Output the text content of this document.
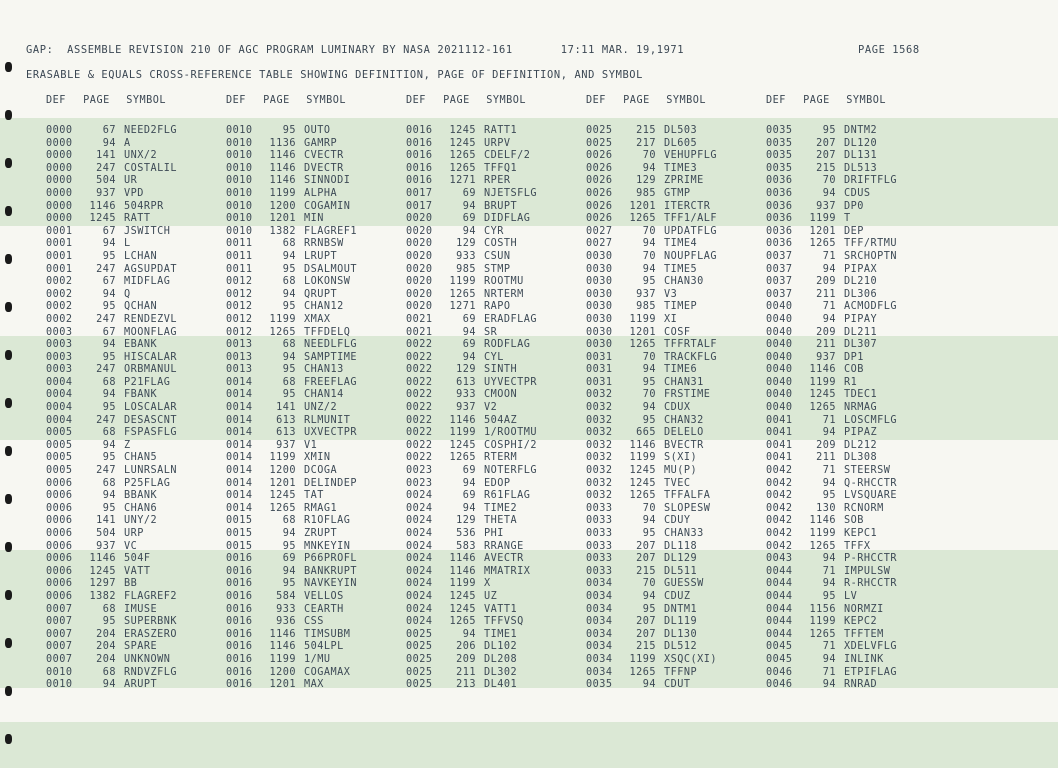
GAP:  ASSEMBLE REVISION 210 OF AGC PROGRAM LUMINARY BY NASA 2021112-161       17:11 MAR. 19,1971	PAGE 1568
ERASABLE & EQUALS CROSS-REFERENCE TABLE SHOWING DEFINITION, PAGE OF DEFINITION, AND SYMBOL
DEF	PAGE	SYMBOL
0000	67 NEED2FLG
0000	94 A
0000	141 UNX/2
0000	247 COSTALIL
0000	504 UR
0000	937 VPD
0000	1146 504RPR
0000	1245 RATT
0001	67 JSWITCH
0001	94 L
0001	95 LCHAN
0001	247 AGSUPDAT
0002	67 MIDFLAG
0002	94 Q
0002	95 QCHAN
0002	247 RENDEZVL
0003	67 MOONFLAG
0003	94 EBANK
0003	95 HISCALAR
0003	247 ORBMANUL
0004	68 P21FLAG
0004	94 FBANK
0004	95 LOSCALAR
0004	247 DESASCNT
0005	68 FSPASFLG
0005	94 Z
0005	95 CHAN5
0005	247 LUNRSALN
0006	68 P25FLAG
0006	94 BBANK
0006	95 CHAN6
0006	141 UNY/2
0006	504 URP
0006	937 VC
0006	1146 504F
0006	1245 VATT
0006	1297 BB
0006	1382 FLAGREF2
0007	68 IMUSE
0007	95 SUPERBNK
0007	204 ERASZERO
0007	204 SPARE
0007	204 UNKNOWN
0010	68 RNDVZFLG
0010	94 ARUPT
DEF	PAGE	SYMBOL
0010	95 OUTO
0010	1136 GAMRP
0010	1146 CVECTR
0010	1146 DVECTR
0010	1146 SINNODI
0010	1199 ALPHA
0010	1200 COGAMIN
0010	1201 MIN
0010	1382 FLAGREF1
0011	68 RRNBSW
0011	94 LRUPT
0011	95 DSALMOUT
0012	68 LOKONSW
0012	94 QRUPT
0012	95 CHAN12
0012	1199 XMAX
0012	1265 TFFDELQ
0013	68 NEEDLFLG
0013	94 SAMPTIME
0013	95 CHAN13
0014	68 FREEFLAG
0014	95 CHAN14
0014	141 UNZ/2
0014	613 RLMUNIT
0014	613 UXVECTPR
0014	937 V1
0014	1199 XMIN
0014	1200 DCOGA
0014	1201 DELINDEP
0014	1245 TAT
0014	1265 RMAG1
0015	68 R1OFLAG
0015	94 ZRUPT
0015	95 MNKEYIN
0016	69 P66PROFL
0016	94 BANKRUPT
0016	95 NAVKEYIN
0016	584 VELLOS
0016	933 CEARTH
0016	936 CSS
0016	1146 TIMSUBM
0016	1146 504LPL
0016	1199 1/MU
0016	1200 COGAMAX
0016	1201 MAX
DEF	PAGE	SYMBOL
0016	1245 RATT1
0016	1245 URPV
0016	1265 CDELF/2
0016	1265 TFFQ1
0016	1271 RPER
0017	69 NJETSFLG
0017	94 BRUPT
0020	69 DIDFLAG
0020	94 CYR
0020	129 COSTH
0020	933 CSUN
0020	985 STMP
0020	1199 ROOTMU
0020	1265 NRTERM
0020	1271 RAPO
0021	69 ERADFLAG
0021	94 SR
0022	69 RODFLAG
0022	94 CYL
0022	129 SINTH
0022	613 UYVECTPR
0022	933 CMOON
0022	937 V2
0022	1146 504AZ
0022	1199 1/ROOTMU
0022	1245 COSPHI/2
0022	1265 RTERM
0023	69 NOTERFLG
0023	94 EDOP
0024	69 R61FLAG
0024	94 TIME2
0024	129 THETA
0024	536 PHI
0024	583 RRANGE
0024	1146 AVECTR
0024	1146 MMATRIX
0024	1199 X
0024	1245 UZ
0024	1245 VATT1
0024	1265 TFFVSQ
0025	94 TIME1
0025	206 DL102
0025	209 DL208
0025	211 DL302
0025	213 DL401
DEF	PAGE	SYMBOL
0025	215 DL503
0025	217 DL605
0026	70 VEHUPFLG
0026	94 TIME3
0026	129 ZPRIME
0026	985 GTMP
0026	1201 ITERCTR
0026	1265 TFF1/ALF
0027	70 UPDATFLG
0027	94 TIME4
0030	70 NOUPFLAG
0030	94 TIME5
0030	95 CHAN30
0030	937 V3
0030	985 TIMEP
0030	1199 XI
0030	1201 COSF
0030	1265 TFFRTALF
0031	70 TRACKFLG
0031	94 TIME6
0031	95 CHAN31
0032	70 FRSTIME
0032	94 CDUX
0032	95 CHAN32
0032	665 DELELO
0032	1146 BVECTR
0032	1199 S(XI)
0032	1245 MU(P)
0032	1245 TVEC
0032	1265 TFFALFA
0033	70 SLOPESW
0033	94 CDUY
0033	95 CHAN33
0033	207 DL118
0033	207 DL129
0033	215 DL511
0034	70 GUESSW
0034	94 CDUZ
0034	95 DNTM1
0034	207 DL119
0034	207 DL130
0034	215 DL512
0034	1199 XSQC(XI)
0034	1265 TFFNP
0035	94 CDUT
DEF	PAGE	SYMBOL
0035	95 DNTM2
0035	207 DL120
0035	207 DL131
0035	215 DL513
0036	70 DRIFTFLG
0036	94 CDUS
0036	937 DP0
0036	1199 T
0036	1201 DEP
0036	1265 TFF/RTMU
0037	71 SRCHOPTN
0037	94 PIPAX
0037	209 DL210
0037	211 DL306
0040	71 ACMODFLG
0040	94 PIPAY
0040	209 DL211
0040	211 DL307
0040	937 DP1
0040	1146 COB
0040	1199 R1
0040	1245 TDEC1
0040	1265 NRMAG
0041	71 LOSCMFLG
0041	94 PIPAZ
0041	209 DL212
0041	211 DL308
0042	71 STEERSW
0042	94 Q-RHCCTR
0042	95 LVSQUARE
0042	130 RCNORM
0042	1146 SOB
0042	1199 KEPC1
0042	1265 TFFX
0043	94 P-RHCCTR
0044	71 IMPULSW
0044	94 R-RHCCTR
0044	95 LV
0044	1156 NORMZI
0044	1199 KEPC2
0044	1265 TFFTEM
0045	71 XDELVFLG
0045	94 INLINK
0046	71 ETPIFLAG
0046	94 RNRAD
